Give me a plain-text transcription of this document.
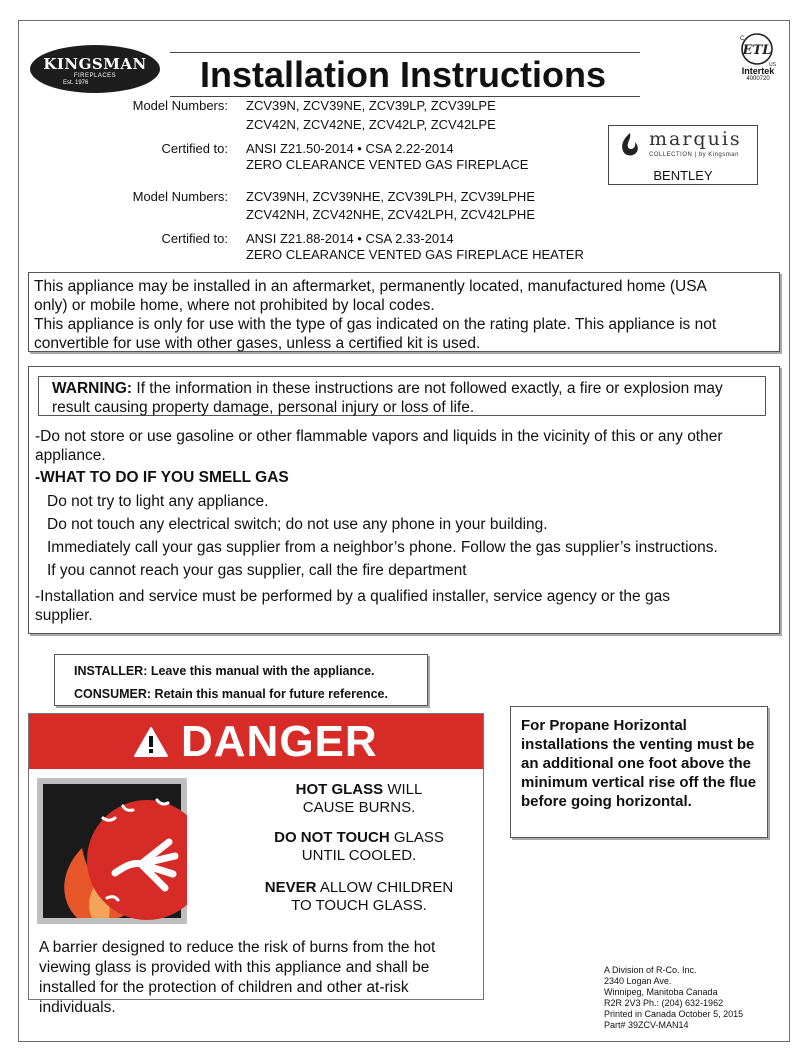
KINGSMAN
FIREPLACES
Est. 1976	Installation Instructions
ETL
C
US
Intertek
4000720
Model Numbers: ZCV39N, ZCV39NE, ZCV39LP, ZCV39LPE
ZCV42N, ZCV42NE, ZCV42LP, ZCV42LPE
Certified to: ANSI Z21.50-2014 • CSA 2.22-2014
ZERO CLEARANCE VENTED GAS FIREPLACE
Model Numbers: ZCV39NH, ZCV39NHE, ZCV39LPH, ZCV39LPHE
ZCV42NH, ZCV42NHE, ZCV42LPH, ZCV42LPHE
Certified to: ANSI Z21.88-2014 • CSA 2.33-2014
ZERO CLEARANCE VENTED GAS FIREPLACE HEATER
marquis
COLLECTION | by Kingsman
BENTLEY

This appliance may be installed in an aftermarket, permanently located, manufactured home (USA

only) or mobile home, where not prohibited by local codes.

This appliance is only for use with the type of gas indicated on the rating plate. This appliance is not

convertible for use with other gases, unless a certified kit is used.

WARNING: If the information in these instructions are not followed exactly, a fire or explosion may
result causing property damage, personal injury or loss of life.
-Do not store or use gasoline or other flammable vapors and liquids in the vicinity of this or any other
appliance.
-WHAT TO DO IF YOU SMELL GAS
Do not try to light any appliance.
Do not touch any electrical switch; do not use any phone in your building.
Immediately call your gas supplier from a neighbor’s phone. Follow the gas supplier’s instructions.
If you cannot reach your gas supplier, call the fire department
-Installation and service must be performed by a qualified installer, service agency or the gas
supplier.
INSTALLER: Leave this manual with the appliance.
CONSUMER: Retain this manual for future reference.
DANGER
HOT GLASS WILL
CAUSE BURNS.
DO NOT TOUCH GLASS
UNTIL COOLED.
NEVER ALLOW CHILDREN
TO TOUCH GLASS.
A barrier designed to reduce the risk of burns from the hot viewing glass is provided with this appliance and shall be installed for the protection of children and other at-risk individuals.
For Propane Horizontal installations the venting must be an additional one foot above the minimum vertical rise off the flue before going horizontal.
A Division of R-Co. Inc.
2340 Logan Ave.
Winnipeg, Manitoba Canada
R2R 2V3 Ph.: (204) 632-1962
Printed in Canada October 5, 2015
Part# 39ZCV-MAN14
